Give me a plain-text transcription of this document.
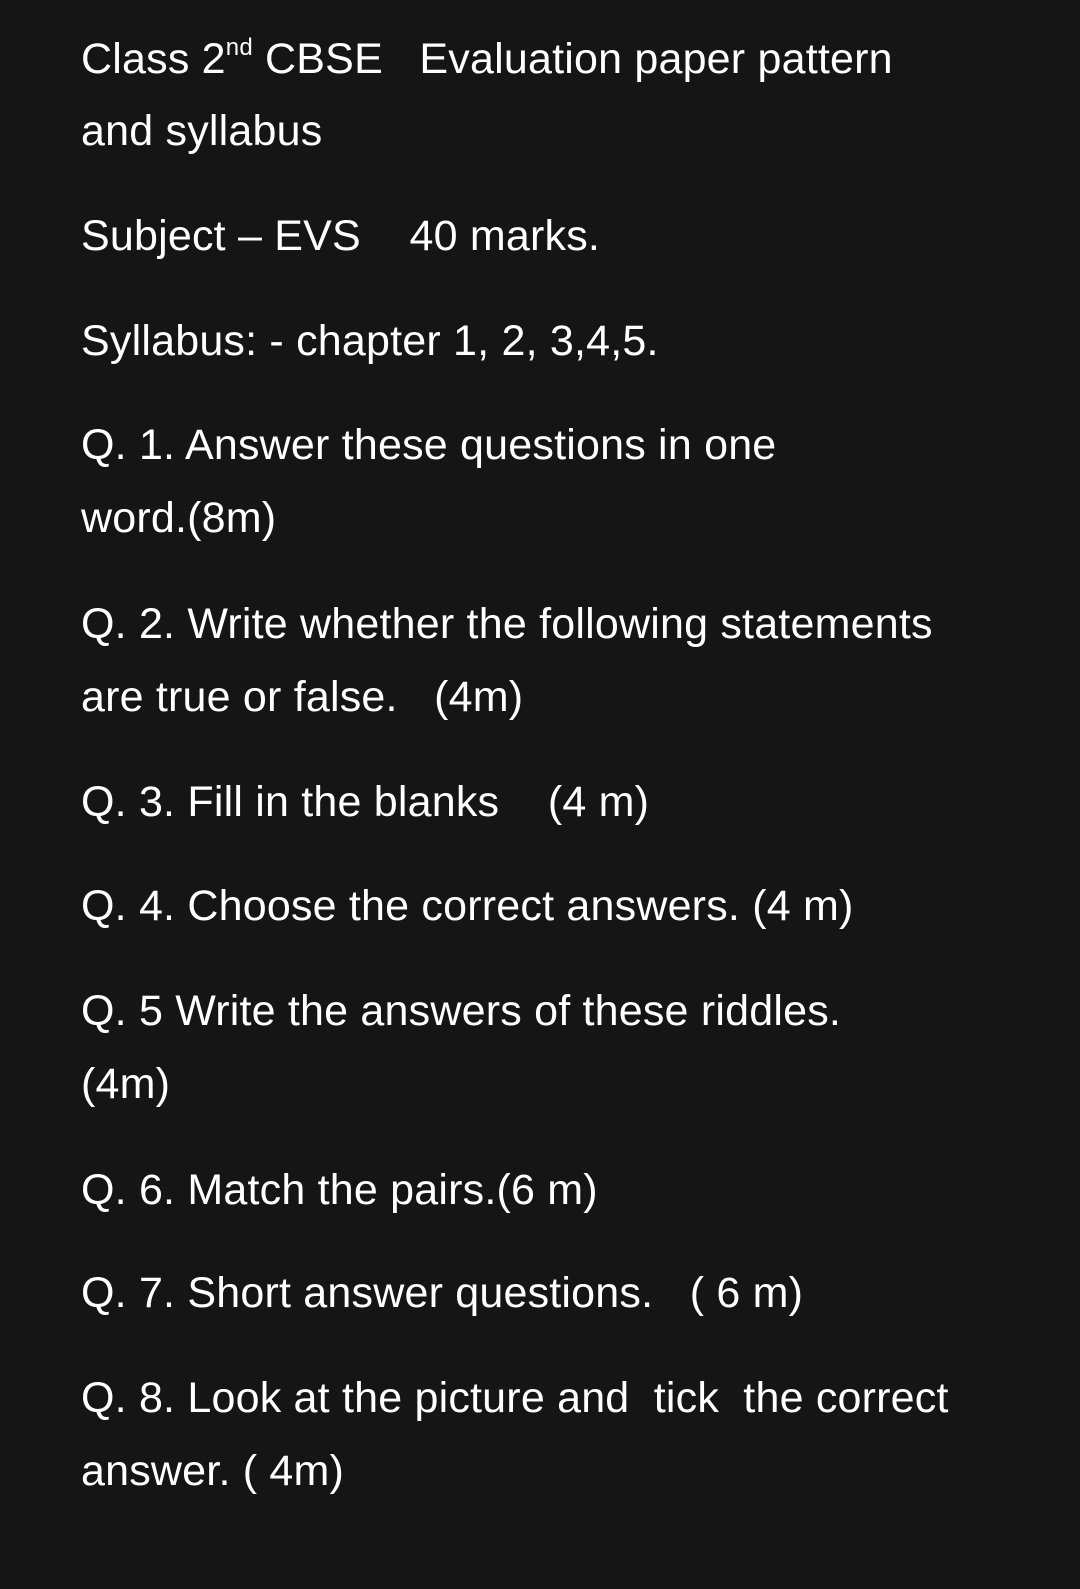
Class 2nd CBSE   Evaluation paper pattern
and syllabus
Subject – EVS    40 marks.
Syllabus: - chapter 1, 2, 3,4,5.
Q. 1. Answer these questions in one
word.(8m)
Q. 2. Write whether the following statements
are true or false.   (4m)
Q. 3. Fill in the blanks    (4 m)
Q. 4. Choose the correct answers. (4 m)
Q. 5 Write the answers of these riddles.
(4m)
Q. 6. Match the pairs.(6 m)
Q. 7. Short answer questions.   ( 6 m)
Q. 8. Look at the picture and  tick  the correct
answer. ( 4m)
